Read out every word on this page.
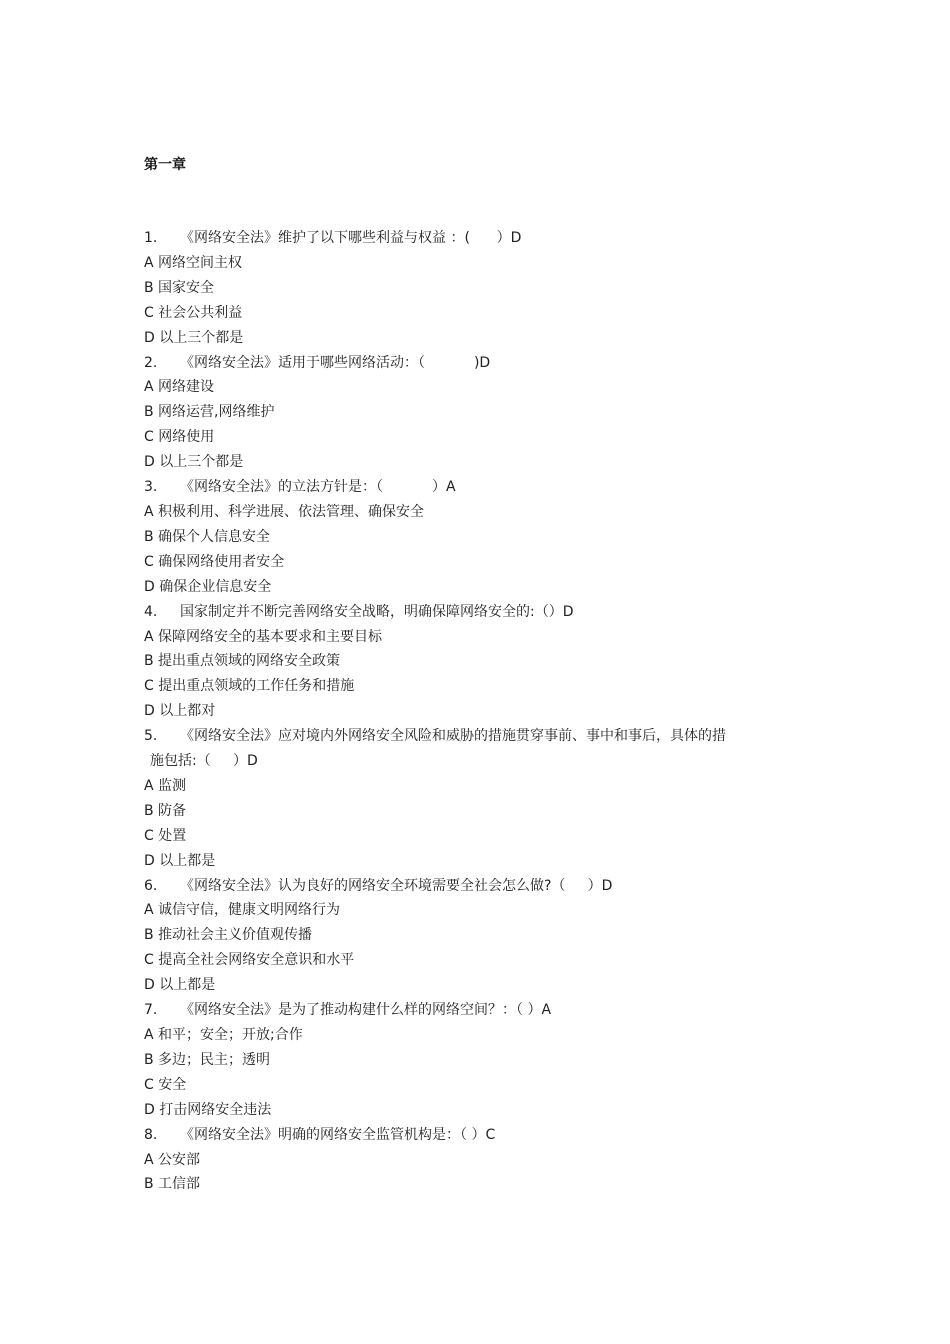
第一章
1.	《网络安全法》维护了以下哪些利益与权益 ：(      ）D
A 网络空间主权
B 国家安全
C 社会公共利益
D 以上三个都是
2.	《网络安全法》适用于哪些网络活动：（           )D
A 网络建设
B 网络运营,网络维护
C 网络使用
D 以上三个都是
3.	《网络安全法》的立法方针是：（           ）A
A 积极利用、科学进展、依法管理、确保安全
B 确保个人信息安全
C 确保网络使用者安全
D 确保企业信息安全
4.	国家制定并不断完善网络安全战略，明确保障网络安全的:（）D
A 保障网络安全的基本要求和主要目标
B 提出重点领域的网络安全政策
C 提出重点领域的工作任务和措施
D 以上都对
5.	《网络安全法》应对境内外网络安全风险和威胁的措施贯穿事前、事中和事后，具体的措
施包括:（     ）D
A 监测
B 防备
C 处置
D 以上都是
6.	《网络安全法》认为良好的网络安全环境需要全社会怎么做?（     ）D
A 诚信守信，健康文明网络行为
B 推动社会主义价值观传播
C 提高全社会网络安全意识和水平
D 以上都是
7.	《网络安全法》是为了推动构建什么样的网络空间？：（ ）A
A 和平；安全；开放;合作
B 多边；民主；透明
C 安全
D 打击网络安全违法
8.	《网络安全法》明确的网络安全监管机构是：（ ）C
A 公安部
B 工信部
